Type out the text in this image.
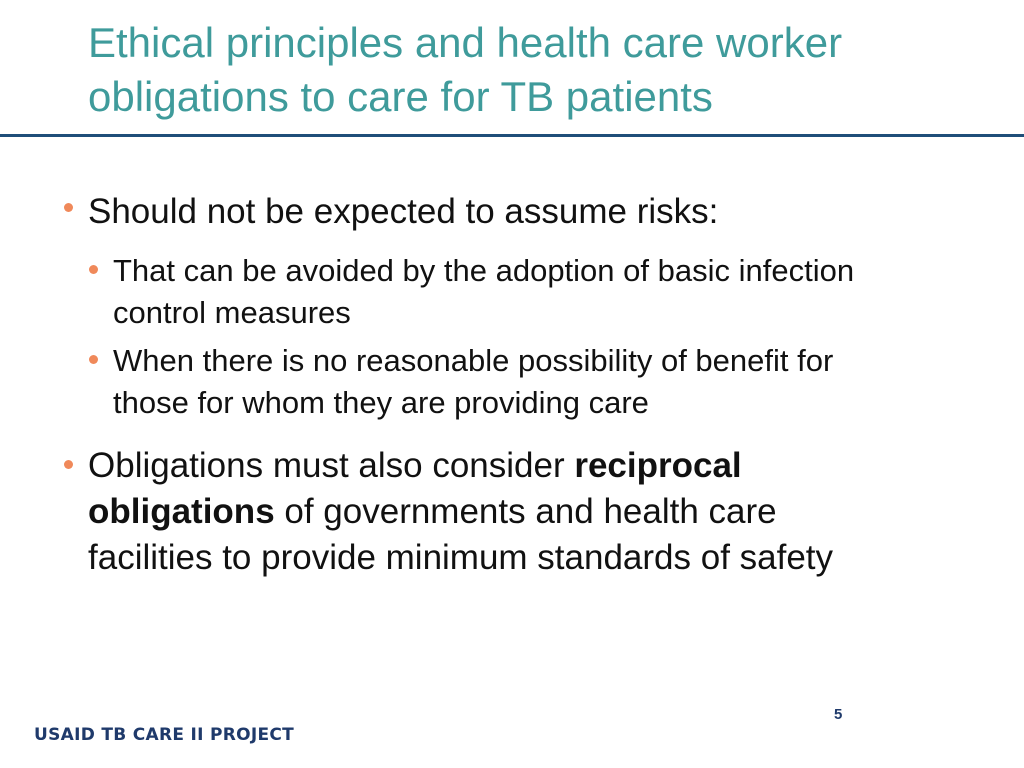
Ethical principles and health care worker
obligations to care for TB patients
Should not be expected to assume risks:
That can be avoided by the adoption of basic infection
control measures
When there is no reasonable possibility of benefit for
those for whom they are providing care
Obligations must also consider reciprocal
obligations of governments and health care
facilities to provide minimum standards of safety
5
USAID TB CARE II PROJECT
